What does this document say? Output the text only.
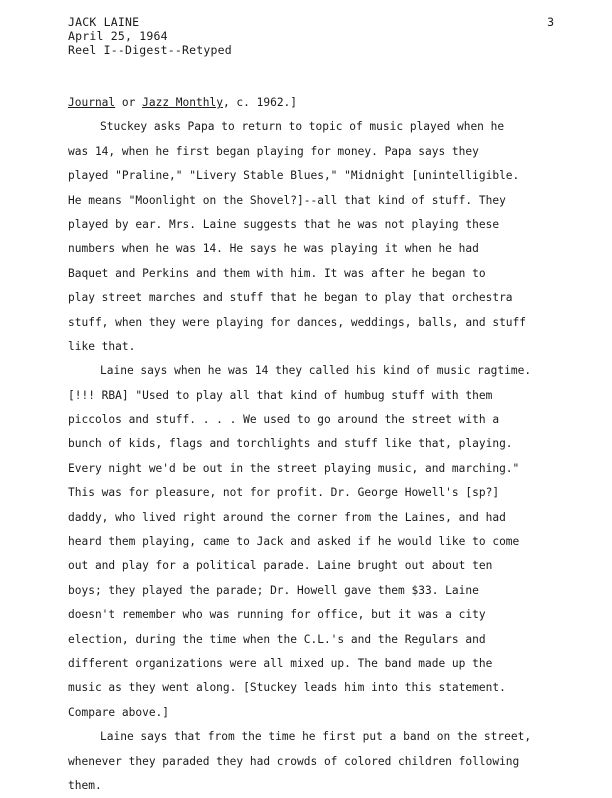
JACK LAINE
April 25, 1964
Reel I--Digest--Retyped
3
Journal or Jazz Monthly, c. 1962.]
Stuckey asks Papa to return to topic of music played when he
was 14, when he first began playing for money. Papa says they
played "Praline," "Livery Stable Blues," "Midnight [unintelligible.
He means "Moonlight on the Shovel?]--all that kind of stuff. They
played by ear. Mrs. Laine suggests that he was not playing these
numbers when he was 14. He says he was playing it when he had
Baquet and Perkins and them with him. It was after he began to
play street marches and stuff that he began to play that orchestra
stuff, when they were playing for dances, weddings, balls, and stuff
like that.
Laine says when he was 14 they called his kind of music ragtime.
[!!! RBA] "Used to play all that kind of humbug stuff with them
piccolos and stuff. . . . We used to go around the street with a
bunch of kids, flags and torchlights and stuff like that, playing.
Every night we'd be out in the street playing music, and marching."
This was for pleasure, not for profit. Dr. George Howell's [sp?]
daddy, who lived right around the corner from the Laines, and had
heard them playing, came to Jack and asked if he would like to come
out and play for a political parade. Laine brught out about ten
boys; they played the parade; Dr. Howell gave them $33. Laine
doesn't remember who was running for office, but it was a city
election, during the time when the C.L.'s and the Regulars and
different organizations were all mixed up. The band made up the
music as they went along. [Stuckey leads him into this statement.
Compare above.]
Laine says that from the time he first put a band on the street,
whenever they paraded they had crowds of colored children following
them.
